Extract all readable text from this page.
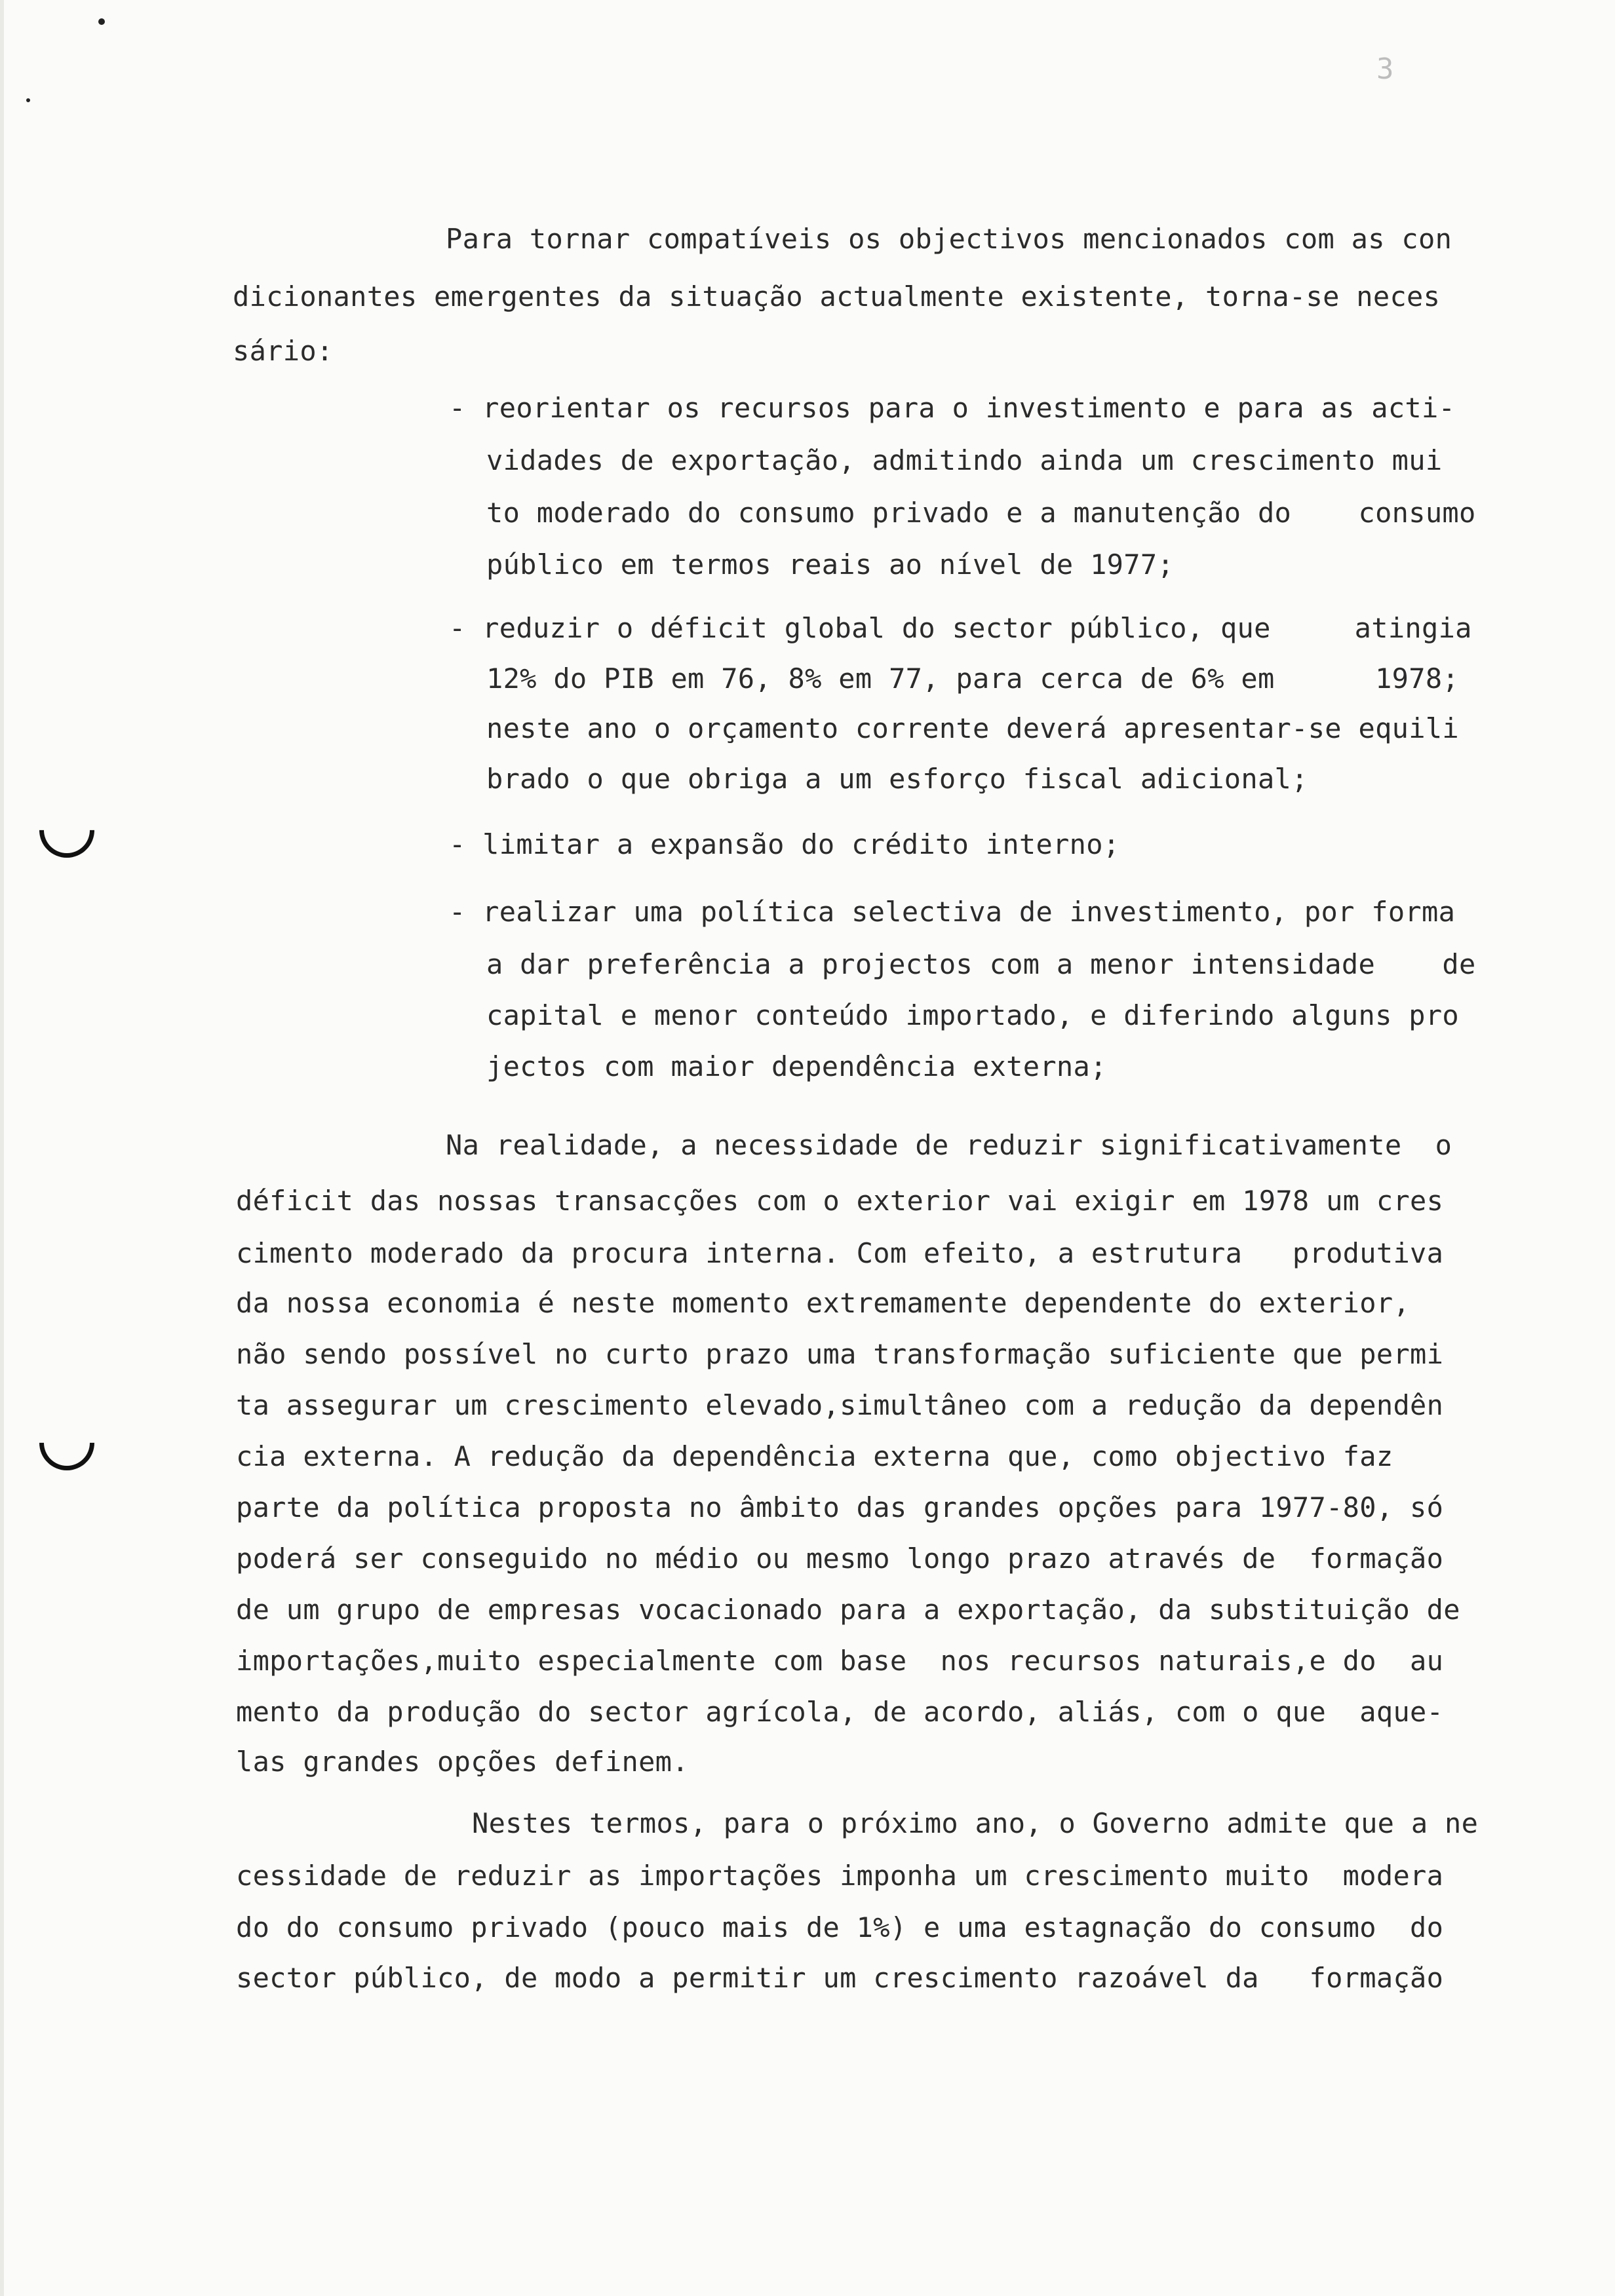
3
Para tornar compatíveis os objectivos mencionados com as con
dicionantes emergentes da situação actualmente existente, torna-se neces
sário:
- reorientar os recursos para o investimento e para as acti-
vidades de exportação, admitindo ainda um crescimento mui
to moderado do consumo privado e a manutenção do    consumo
público em termos reais ao nível de 1977;
- reduzir o déficit global do sector público, que     atingia
12% do PIB em 76, 8% em 77, para cerca de 6% em      1978;
neste ano o orçamento corrente deverá apresentar-se equili
brado o que obriga a um esforço fiscal adicional;
- limitar a expansão do crédito interno;
- realizar uma política selectiva de investimento, por forma
a dar preferência a projectos com a menor intensidade    de
capital e menor conteúdo importado, e diferindo alguns pro
jectos com maior dependência externa;
Na realidade, a necessidade de reduzir significativamente  o
déficit das nossas transacções com o exterior vai exigir em 1978 um cres
cimento moderado da procura interna. Com efeito, a estrutura   produtiva
da nossa economia é neste momento extremamente dependente do exterior,
não sendo possível no curto prazo uma transformação suficiente que permi
ta assegurar um crescimento elevado,simultâneo com a redução da dependên
cia externa. A redução da dependência externa que, como objectivo faz
parte da política proposta no âmbito das grandes opções para 1977-80, só
poderá ser conseguido no médio ou mesmo longo prazo através de  formação
de um grupo de empresas vocacionado para a exportação, da substituição de
importações,muito especialmente com base  nos recursos naturais,e do  au
mento da produção do sector agrícola, de acordo, aliás, com o que  aque-
las grandes opções definem.
Nestes termos, para o próximo ano, o Governo admite que a ne
cessidade de reduzir as importações imponha um crescimento muito  modera
do do consumo privado (pouco mais de 1%) e uma estagnação do consumo  do
sector público, de modo a permitir um crescimento razoável da   formação
